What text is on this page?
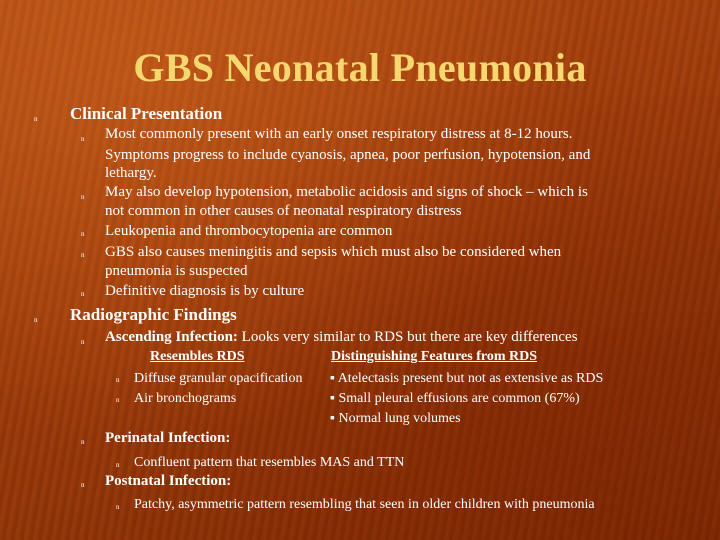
GBS Neonatal Pneumonia
n Clinical Presentation
n Most commonly present with an early onset respiratory distress at 8-12 hours.
Symptoms progress to include cyanosis, apnea, poor perfusion, hypotension, and
lethargy.
n May also develop hypotension, metabolic acidosis and signs of shock – which is
not common in other causes of neonatal respiratory distress
n Leukopenia and thrombocytopenia are common
n GBS also causes meningitis and sepsis which must also be considered when
pneumonia is suspected
n Definitive diagnosis is by culture
n Radiographic Findings
n Ascending Infection: Looks very similar to RDS but there are key differences
Resembles RDS	Distinguishing Features from RDS
n Diffuse granular opacification
n Air bronchograms
▪ Atelectasis present but not as extensive as RDS
▪ Small pleural effusions are common (67%)
▪ Normal lung volumes
n Perinatal Infection:
n Confluent pattern that resembles MAS and TTN
n Postnatal Infection:
n Patchy, asymmetric pattern resembling that seen in older children with pneumonia
